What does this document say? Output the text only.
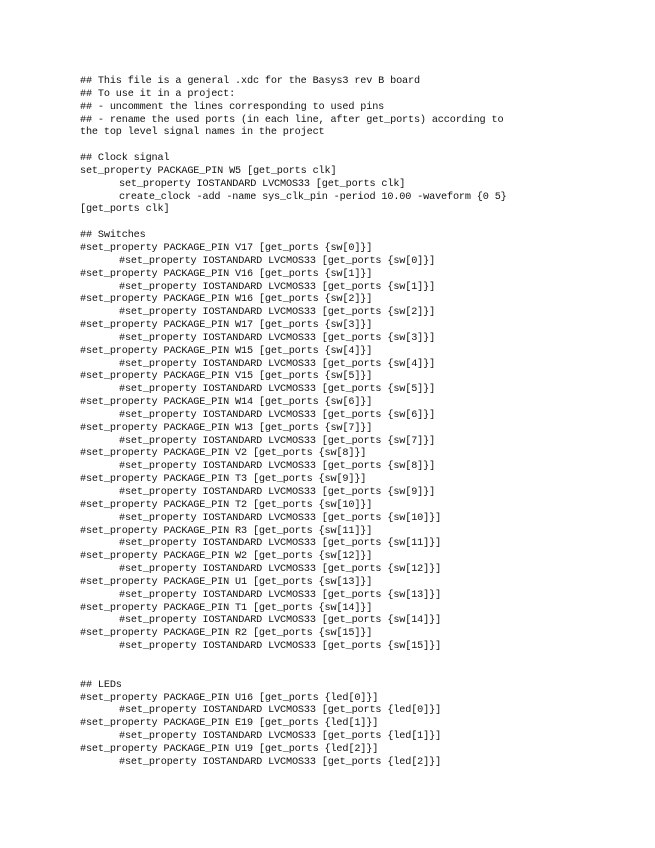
## This file is a general .xdc for the Basys3 rev B board
## To use it in a project:
## - uncomment the lines corresponding to used pins
## - rename the used ports (in each line, after get_ports) according to
the top level signal names in the project
## Clock signal
set_property PACKAGE_PIN W5 [get_ports clk]
set_property IOSTANDARD LVCMOS33 [get_ports clk]
create_clock -add -name sys_clk_pin -period 10.00 -waveform {0 5}
[get_ports clk]
## Switches
#set_property PACKAGE_PIN V17 [get_ports {sw[0]}]
#set_property IOSTANDARD LVCMOS33 [get_ports {sw[0]}]
#set_property PACKAGE_PIN V16 [get_ports {sw[1]}]
#set_property IOSTANDARD LVCMOS33 [get_ports {sw[1]}]
#set_property PACKAGE_PIN W16 [get_ports {sw[2]}]
#set_property IOSTANDARD LVCMOS33 [get_ports {sw[2]}]
#set_property PACKAGE_PIN W17 [get_ports {sw[3]}]
#set_property IOSTANDARD LVCMOS33 [get_ports {sw[3]}]
#set_property PACKAGE_PIN W15 [get_ports {sw[4]}]
#set_property IOSTANDARD LVCMOS33 [get_ports {sw[4]}]
#set_property PACKAGE_PIN V15 [get_ports {sw[5]}]
#set_property IOSTANDARD LVCMOS33 [get_ports {sw[5]}]
#set_property PACKAGE_PIN W14 [get_ports {sw[6]}]
#set_property IOSTANDARD LVCMOS33 [get_ports {sw[6]}]
#set_property PACKAGE_PIN W13 [get_ports {sw[7]}]
#set_property IOSTANDARD LVCMOS33 [get_ports {sw[7]}]
#set_property PACKAGE_PIN V2 [get_ports {sw[8]}]
#set_property IOSTANDARD LVCMOS33 [get_ports {sw[8]}]
#set_property PACKAGE_PIN T3 [get_ports {sw[9]}]
#set_property IOSTANDARD LVCMOS33 [get_ports {sw[9]}]
#set_property PACKAGE_PIN T2 [get_ports {sw[10]}]
#set_property IOSTANDARD LVCMOS33 [get_ports {sw[10]}]
#set_property PACKAGE_PIN R3 [get_ports {sw[11]}]
#set_property IOSTANDARD LVCMOS33 [get_ports {sw[11]}]
#set_property PACKAGE_PIN W2 [get_ports {sw[12]}]
#set_property IOSTANDARD LVCMOS33 [get_ports {sw[12]}]
#set_property PACKAGE_PIN U1 [get_ports {sw[13]}]
#set_property IOSTANDARD LVCMOS33 [get_ports {sw[13]}]
#set_property PACKAGE_PIN T1 [get_ports {sw[14]}]
#set_property IOSTANDARD LVCMOS33 [get_ports {sw[14]}]
#set_property PACKAGE_PIN R2 [get_ports {sw[15]}]
#set_property IOSTANDARD LVCMOS33 [get_ports {sw[15]}]
## LEDs
#set_property PACKAGE_PIN U16 [get_ports {led[0]}]
#set_property IOSTANDARD LVCMOS33 [get_ports {led[0]}]
#set_property PACKAGE_PIN E19 [get_ports {led[1]}]
#set_property IOSTANDARD LVCMOS33 [get_ports {led[1]}]
#set_property PACKAGE_PIN U19 [get_ports {led[2]}]
#set_property IOSTANDARD LVCMOS33 [get_ports {led[2]}]
